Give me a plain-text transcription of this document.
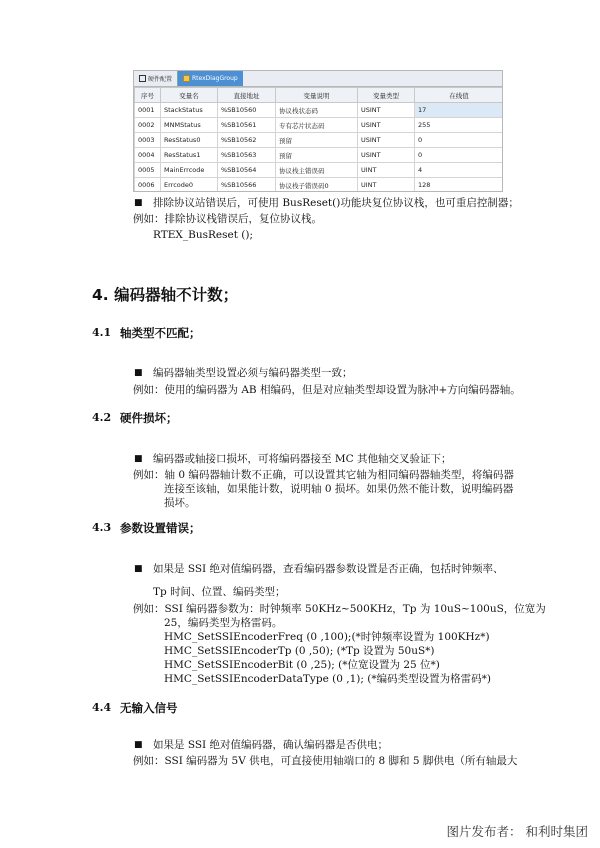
硬件配置	RtexDiagGroup
序号	变量名	直接地址	变量说明	变量类型	在线值
0001	StackStatus	%SB10560	协议栈状态码	USINT	17
0002	MNMStatus	%SB10561	专有芯片状态码	USINT	255
0003	ResStatus0	%SB10562	预留	USINT	0
0004	ResStatus1	%SB10563	预留	USINT	0
0005	MainErrcode	%SB10564	协议栈主错误码	UINT	4
0006	Errcode0	%SB10566	协议栈子错误码0	UINT	128
■ 排除协议站错误后，可使用 BusReset()功能块复位协议栈，也可重启控制器；
例如：排除协议栈错误后，复位协议栈。
RTEX_BusReset ();
4. 编码器轴不计数；
4.1 轴类型不匹配；
■ 编码器轴类型设置必须与编码器类型一致；
例如：使用的编码器为 AB 相编码，但是对应轴类型却设置为脉冲+方向编码器轴。
4.2 硬件损坏；
■ 编码器或轴接口损坏，可将编码器接至 MC 其他轴交叉验证下；
例如：轴 0 编码器轴计数不正确，可以设置其它轴为相同编码器轴类型，将编码器
连接至该轴，如果能计数，说明轴 0 损坏。如果仍然不能计数，说明编码器
损坏。
4.3 参数设置错误；
■ 如果是 SSI 绝对值编码器，查看编码器参数设置是否正确，包括时钟频率、
Tp 时间、位置、编码类型；
例如：SSI 编码器参数为：时钟频率 50KHz~500KHz，Tp 为 10uS~100uS，位宽为
25，编码类型为格雷码。
HMC_SetSSIEncoderFreq (0 ,100);(*时钟频率设置为 100KHz*)
HMC_SetSSIEncoderTp (0 ,50); (*Tp 设置为 50uS*)
HMC_SetSSIEncoderBit (0 ,25); (*位宽设置为 25 位*)
HMC_SetSSIEncoderDataType (0 ,1); (*编码类型设置为格雷码*)
4.4 无输入信号
■ 如果是 SSI 绝对值编码器，确认编码器是否供电；
例如：SSI 编码器为 5V 供电，可直接使用轴端口的 8 脚和 5 脚供电（所有轴最大
图片发布者： 和利时集团
